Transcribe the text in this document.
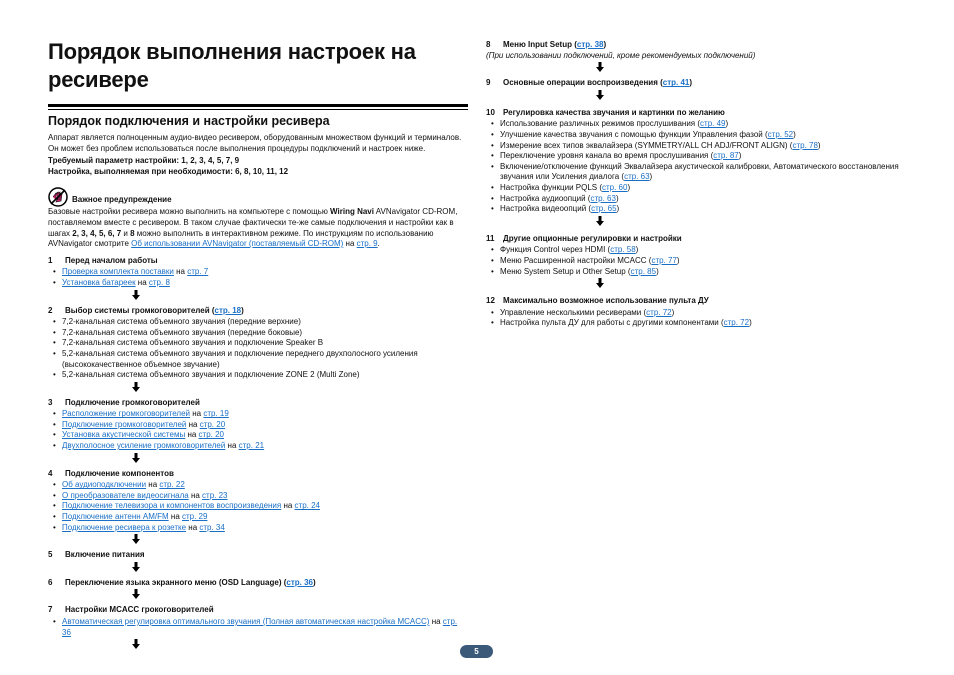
Порядок выполнения настроек на ресивере
Порядок подключения и настройки ресивера

Аппарат является полноценным аудио-видео ресивером, оборудованным множеством функций и терминалов. Он может без проблем использоваться после выполнения процедуры подключений и настроек ниже.

Требуемый параметр настройки: 1, 2, 3, 4, 5, 7, 9

Настройка, выполняемая при необходимости: 6, 8, 10, 11, 12

Важное предупреждение

Базовые настройки ресивера можно выполнить на компьютере с помощью Wiring Navi AVNavigator CD-ROM, поставляемом вместе с ресивером. В таком случае фактически те-же самые подключения и настройки как в шагах 2, 3, 4, 5, 6, 7 и 8 можно выполнить в интерактивном режиме. По инструкциям по использованию AVNavigator смотрите Об использовании AVNavigator (поставляемый CD-ROM) на стр. 9.

1 Перед началом работы
• Проверка комплекта поставки на стр. 7
• Установка батареек на стр. 8
2 Выбор системы громкоговорителей (стр. 18)
• 7,2-канальная система объемного звучания (передние верхние)
• 7,2-канальная система объемного звучания (передние боковые)
• 7,2-канальная система объемного звучания и подключение Speaker B
• 5,2-канальная система объемного звучания и подключение переднего двухполосного усиления (высококачественное объемное звучание)
• 5,2-канальная система объемного звучания и подключение ZONE 2 (Multi Zone)
3 Подключение громкоговорителей
• Расположение громкоговорителей на стр. 19
• Подключение громкоговорителей на стр. 20
• Установка акустической системы на стр. 20
• Двухполосное усиление громкоговорителей на стр. 21
4 Подключение компонентов
• Об аудиоподключении на стр. 22
• О преобразователе видеосигнала на стр. 23
• Подключение телевизора и компонентов воспроизведения на стр. 24
• Подключение антенн AM/FM на стр. 29
• Подключение ресивера к розетке на стр. 34
5 Включение питания
6 Переключение языка экранного меню (OSD Language) (стр. 36)
7 Настройки MCACC грокоговорителей
• Автоматическая регулировка оптимального звучания (Полная автоматическая настройка MCACC) на стр. 36
8 Меню Input Setup (стр. 38)
(При использовании подключений, кроме рекомендуемых подключений)
9 Основные операции воспроизведения (стр. 41)
10 Регулировка качества звучания и картинки по желанию
• Использование различных режимов прослушивания (стр. 49)
• Улучшение качества звучания с помощью функции Управления фазой (стр. 52)
• Измерение всех типов эквалайзера (SYMMETRY/ALL CH ADJ/FRONT ALIGN) (стр. 78)
• Переключение уровня канала во время прослушивания (стр. 87)
• Включение/отключение функций Эквалайзера акустической калибровки, Автоматического восстановления звучания или Усиления диалога (стр. 63)
• Настройка функции PQLS (стр. 60)
• Настройка аудиоопций (стр. 63)
• Настройка видеоопций (стр. 65)
11 Другие опционные регулировки и настройки
• Функция Control через HDMI (стр. 58)
• Меню Расширенной настройки MCACC (стр. 77)
• Меню System Setup и Other Setup (стр. 85)
12 Максимально возможное использование пульта ДУ
• Управление несколькими ресиверами (стр. 72)
• Настройка пульта ДУ для работы с другими компонентами (стр. 72)
5
